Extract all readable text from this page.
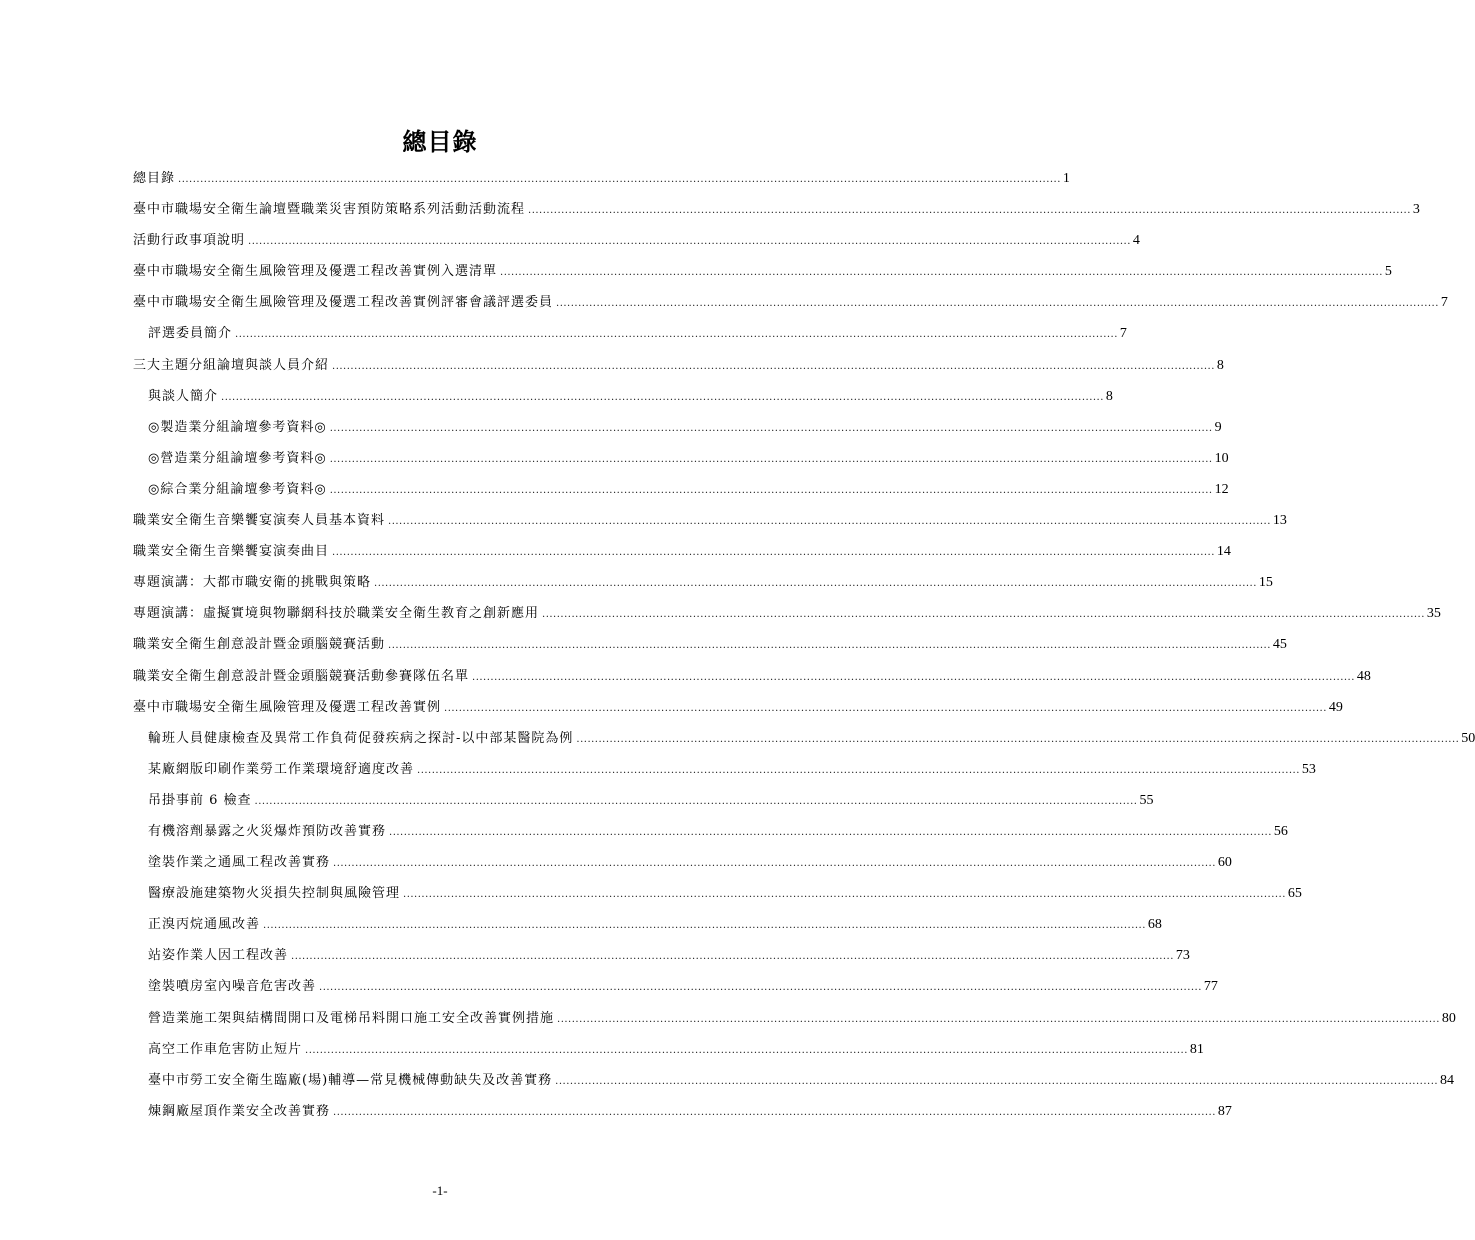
總目錄
總目錄 .....	1
臺中市職場安全衛生論壇暨職業災害預防策略系列活動活動流程 .....	3
活動行政事項說明 .....	4
臺中市職場安全衛生風險管理及優選工程改善實例入選清單 .....	5
臺中市職場安全衛生風險管理及優選工程改善實例評審會議評選委員 .....	7
評選委員簡介 .....	7
三大主題分組論壇與談人員介紹 .....	8
與談人簡介 .....	8
◎製造業分組論壇參考資料◎ .....	9
◎營造業分組論壇參考資料◎ .....	10
◎綜合業分組論壇參考資料◎ .....	12
職業安全衛生音樂饗宴演奏人員基本資料 .....	13
職業安全衛生音樂饗宴演奏曲目 .....	14
專題演講：大都市職安衛的挑戰與策略 .....	15
專題演講：虛擬實境與物聯網科技於職業安全衛生教育之創新應用 .....	35
職業安全衛生創意設計暨金頭腦競賽活動 .....	45
職業安全衛生創意設計暨金頭腦競賽活動參賽隊伍名單 .....	48
臺中市職場安全衛生風險管理及優選工程改善實例 .....	49
輪班人員健康檢查及異常工作負荷促發疾病之探討-以中部某醫院為例 .....	50
某廠網版印刷作業勞工作業環境舒適度改善 .....	53
吊掛事前 6 檢查 .....	55
有機溶劑暴露之火災爆炸預防改善實務 .....	56
塗裝作業之通風工程改善實務 .....	60
醫療設施建築物火災損失控制與風險管理 .....	65
正溴丙烷通風改善 .....	68
站姿作業人因工程改善 .....	73
塗裝噴房室內噪音危害改善 .....	77
營造業施工架與結構間開口及電梯吊料開口施工安全改善實例措施 .....	80
高空工作車危害防止短片 .....	81
臺中市勞工安全衛生臨廠(場)輔導—常見機械傳動缺失及改善實務 .....	84
煉鋼廠屋頂作業安全改善實務 .....	87
-1-
